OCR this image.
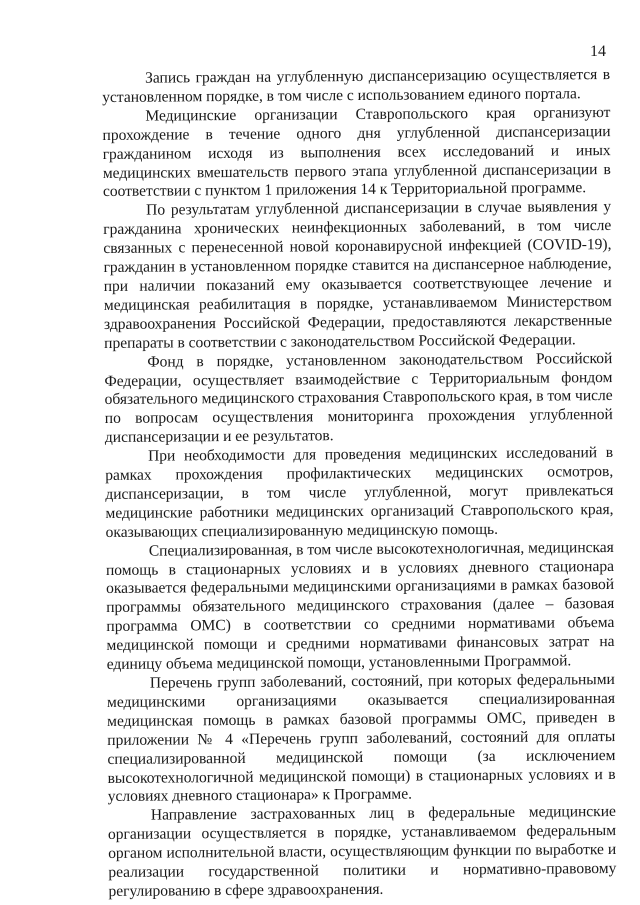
14

Запись граждан на углубленную диспансеризацию осуществляется в установленном порядке, в том числе с использованием единого портала.

Медицинские организации Ставропольского края организуют прохождение в течение одного дня углубленной диспансеризации гражданином исходя из выполнения всех исследований и иных медицинских вмешательств первого этапа углубленной диспансеризации в соответствии с пунктом 1 приложения 14 к Территориальной программе.

По результатам углубленной диспансеризации в случае выявления у гражданина хронических неинфекционных заболеваний, в том числе связанных с перенесенной новой коронавирусной инфекцией (COVID-19), гражданин в установленном порядке ставится на диспансерное наблюдение, при наличии показаний ему оказывается соответствующее лечение и медицинская реабилитация в порядке, устанавливаемом Министерством здравоохранения Российской Федерации, предоставляются лекарственные препараты в соответствии с законодательством Российской Федерации.

Фонд в порядке, установленном законодательством Российской Федерации, осуществляет взаимодействие с Территориальным фондом обязательного медицинского страхования Ставропольского края, в том числе по вопросам осуществления мониторинга прохождения углубленной диспансеризации и ее результатов.

При необходимости для проведения медицинских исследований в рамках прохождения профилактических медицинских осмотров, диспансеризации, в том числе углубленной, могут привлекаться медицинские работники медицинских организаций Ставропольского края, оказывающих специализированную медицинскую помощь.

Специализированная, в том числе высокотехнологичная, медицинская помощь в стационарных условиях и в условиях дневного стационара оказывается федеральными медицинскими организациями в рамках базовой программы обязательного медицинского страхования (далее – базовая программа ОМС) в соответствии со средними нормативами объема медицинской помощи и средними нормативами финансовых затрат на единицу объема медицинской помощи, установленными Программой.

Перечень групп заболеваний, состояний, при которых федеральными медицинскими организациями оказывается специализированная медицинская помощь в рамках базовой программы ОМС, приведен в приложении № 4 «Перечень групп заболеваний, состояний для оплаты специализированной медицинской помощи (за исключением высокотехнологичной медицинской помощи) в стационарных условиях и в условиях дневного стационара» к Программе.

Направление застрахованных лиц в федеральные медицинские организации осуществляется в порядке, устанавливаемом федеральным органом исполнительной власти, осуществляющим функции по выработке и реализации государственной политики и нормативно-правовому регулированию в сфере здравоохранения.
